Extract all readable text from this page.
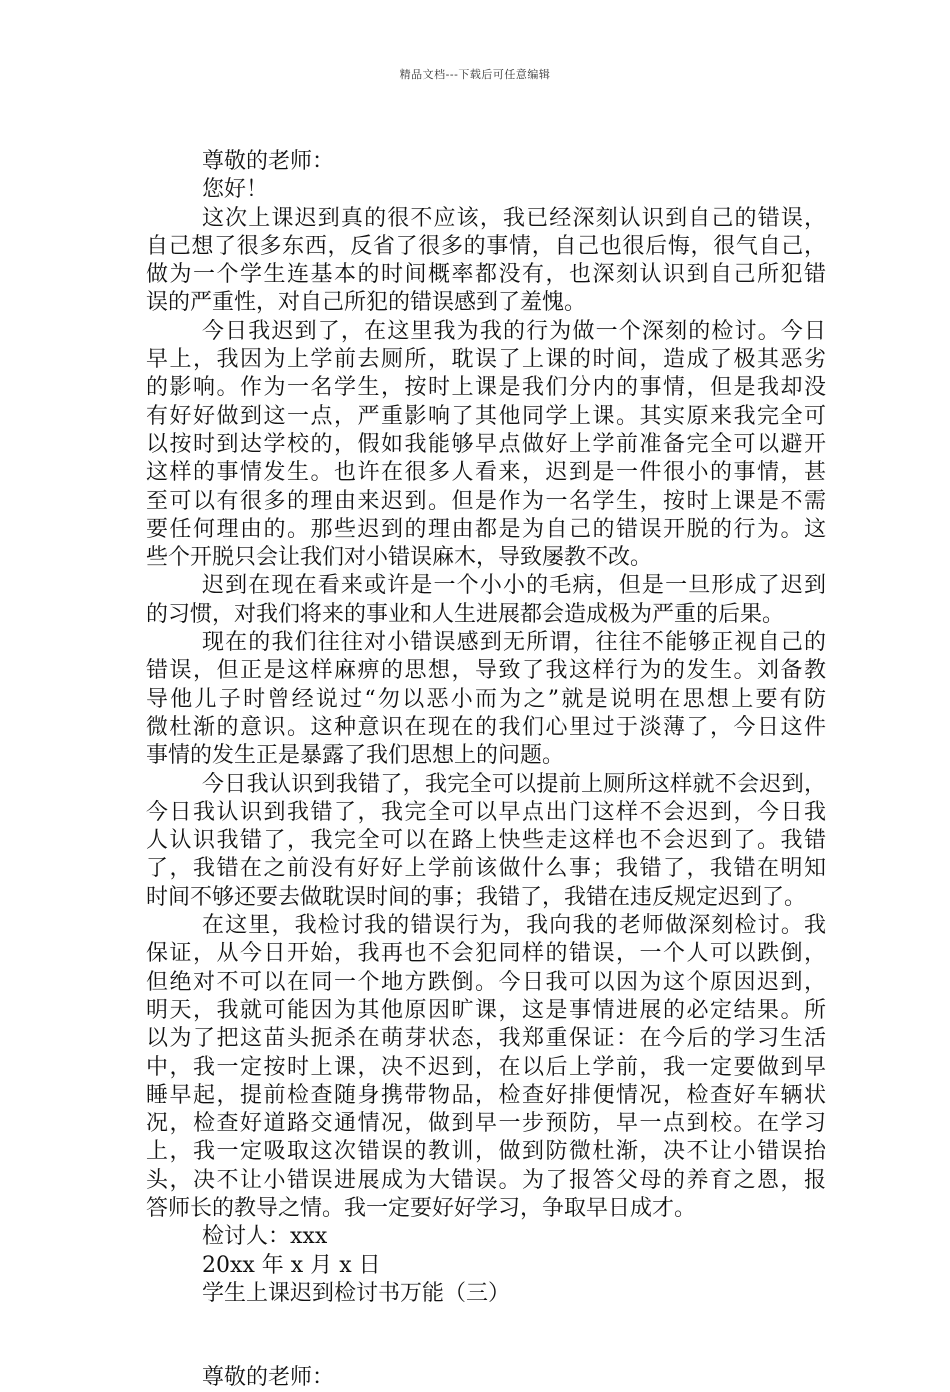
精品文档---下载后可任意编辑
尊敬的老师：
您好！
这次上课迟到真的很不应该，我已经深刻认识到自己的错误，
自己想了很多东西，反省了很多的事情，自己也很后悔，很气自己，
做为一个学生连基本的时间概率都没有，也深刻认识到自己所犯错
误的严重性，对自己所犯的错误感到了羞愧。
今日我迟到了，在这里我为我的行为做一个深刻的检讨。今日
早上，我因为上学前去厕所，耽误了上课的时间，造成了极其恶劣
的影响。作为一名学生，按时上课是我们分内的事情，但是我却没
有好好做到这一点，严重影响了其他同学上课。其实原来我完全可
以按时到达学校的，假如我能够早点做好上学前准备完全可以避开
这样的事情发生。也许在很多人看来，迟到是一件很小的事情，甚
至可以有很多的理由来迟到。但是作为一名学生，按时上课是不需
要任何理由的。那些迟到的理由都是为自己的错误开脱的行为。这
些个开脱只会让我们对小错误麻木，导致屡教不改。
迟到在现在看来或许是一个小小的毛病，但是一旦形成了迟到
的习惯，对我们将来的事业和人生进展都会造成极为严重的后果。
现在的我们往往对小错误感到无所谓，往往不能够正视自己的
错误，但正是这样麻痹的思想，导致了我这样行为的发生。刘备教
导他儿子时曾经说过“勿以恶小而为之”就是说明在思想上要有防
微杜渐的意识。这种意识在现在的我们心里过于淡薄了，今日这件
事情的发生正是暴露了我们思想上的问题。
今日我认识到我错了，我完全可以提前上厕所这样就不会迟到，
今日我认识到我错了，我完全可以早点出门这样不会迟到，今日我
人认识我错了，我完全可以在路上快些走这样也不会迟到了。我错
了，我错在之前没有好好上学前该做什么事；我错了，我错在明知
时间不够还要去做耽误时间的事；我错了，我错在违反规定迟到了。
在这里，我检讨我的错误行为，我向我的老师做深刻检讨。我
保证，从今日开始，我再也不会犯同样的错误，一个人可以跌倒，
但绝对不可以在同一个地方跌倒。今日我可以因为这个原因迟到，
明天，我就可能因为其他原因旷课，这是事情进展的必定结果。所
以为了把这苗头扼杀在萌芽状态，我郑重保证：在今后的学习生活
中，我一定按时上课，决不迟到，在以后上学前，我一定要做到早
睡早起，提前检查随身携带物品，检查好排便情况，检查好车辆状
况，检查好道路交通情况，做到早一步预防，早一点到校。在学习
上，我一定吸取这次错误的教训，做到防微杜渐，决不让小错误抬
头，决不让小错误进展成为大错误。为了报答父母的养育之恩，报
答师长的教导之情。我一定要好好学习，争取早日成才。
检讨人：xxx
20xx 年 x 月 x 日
学生上课迟到检讨书万能（三）
尊敬的老师：
